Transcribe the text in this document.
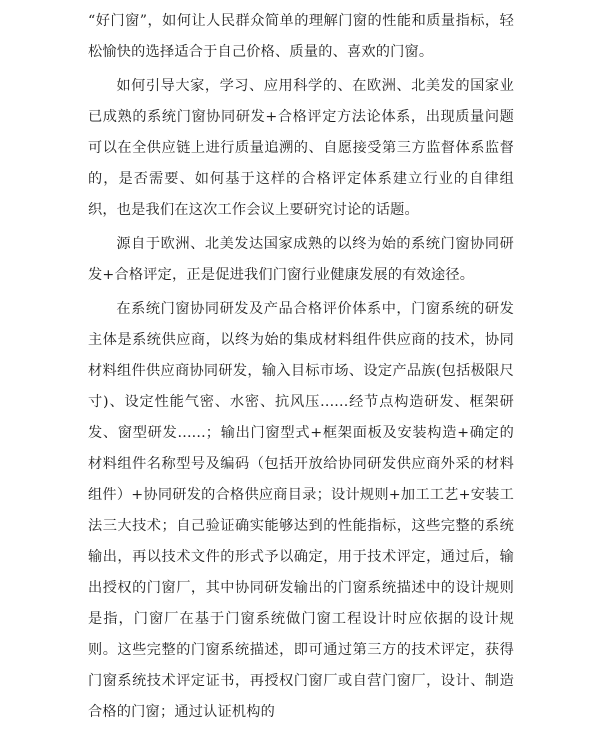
“好门窗”，如何让人民群众简单的理解门窗的性能和质量指标，轻松愉快的选择适合于自己价格、质量的、喜欢的门窗。

如何引导大家，学习、应用科学的、在欧洲、北美发的国家业已成熟的系统门窗协同研发+合格评定方法论体系，出现质量问题可以在全供应链上进行质量追溯的、自愿接受第三方监督体系监督的，是否需要、如何基于这样的合格评定体系建立行业的自律组织，也是我们在这次工作会议上要研究讨论的话题。

源自于欧洲、北美发达国家成熟的以终为始的系统门窗协同研发+合格评定，正是促进我们门窗行业健康发展的有效途径。

在系统门窗协同研发及产品合格评价体系中，门窗系统的研发主体是系统供应商，以终为始的集成材料组件供应商的技术，协同材料组件供应商协同研发，输入目标市场、设定产品族(包括极限尺寸)、设定性能气密、水密、抗风压......经节点构造研发、框架研发、窗型研发......；输出门窗型式+框架面板及安装构造+确定的材料组件名称型号及编码（包括开放给协同研发供应商外采的材料组件）+协同研发的合格供应商目录；设计规则+加工工艺+安装工法三大技术；自己验证确实能够达到的性能指标，这些完整的系统输出，再以技术文件的形式予以确定，用于技术评定，通过后，输出授权的门窗厂，其中协同研发输出的门窗系统描述中的设计规则是指，门窗厂在基于门窗系统做门窗工程设计时应依据的设计规则。这些完整的门窗系统描述，即可通过第三方的技术评定，获得门窗系统技术评定证书，再授权门窗厂或自营门窗厂，设计、制造合格的门窗；通过认证机构的
